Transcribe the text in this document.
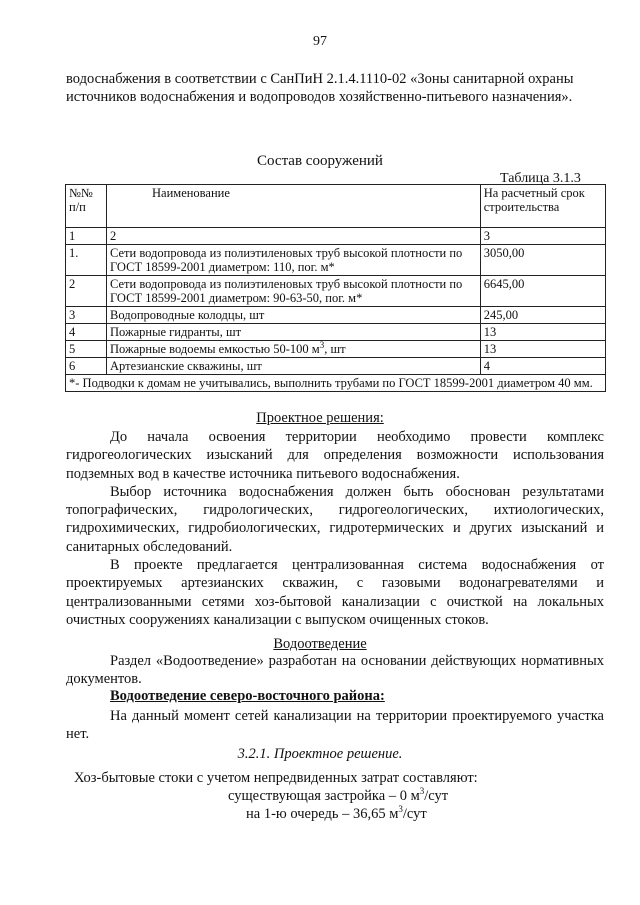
97
водоснабжения в соответствии с СанПиН 2.1.4.1110-02 «Зоны санитарной охраны источников водоснабжения и водопроводов хозяйственно-питьевого назначения».
Состав сооружений
Таблица 3.1.3
№№ п/п	Наименование	На расчетный срок строительства
1	2	3
1.	Сети водопровода из полиэтиленовых труб высокой плотности по ГОСТ 18599-2001 диаметром: 110, пог. м*	3050,00
2	Сети водопровода из полиэтиленовых труб высокой плотности по ГОСТ 18599-2001 диаметром: 90-63-50, пог. м*	6645,00
3	Водопроводные колодцы, шт	245,00
4	Пожарные гидранты, шт	13
5	Пожарные водоемы емкостью 50-100 $м^3$, шт	13
6	Артезианские скважины, шт	4
*- Подводки к домам не учитывались, выполнить трубами по ГОСТ 18599-2001 диаметром 40 мм.		
Проектное решения:

До начала освоения территории необходимо провести комплекс гидрогеологических изысканий для определения возможности использования подземных вод в качестве источника питьевого водоснабжения.

Выбор источника водоснабжения должен быть обоснован результатами топографических, гидрологических, гидрогеологических, ихтиологических, гидрохимических, гидробиологических, гидротермических и других изысканий и санитарных обследований.

В проекте предлагается централизованная система водоснабжения от проектируемых артезианских скважин, с газовыми водонагревателями и централизованными сетями хоз-бытовой канализации с очисткой на локальных очистных сооружениях канализации с выпуском очищенных стоков.

Водоотведение

Раздел «Водоотведение» разработан на основании действующих нормативных документов.

Водоотведение северо-восточного района:

На данный момент сетей канализации на территории проектируемого участка нет.

3.2.1. Проектное решение.
Хоз-бытовые стоки с учетом непредвиденных затрат составляют:
существующая застройка – 0 $м^3$/сут
на 1-ю очередь – 36,65 $м^3$/сут
